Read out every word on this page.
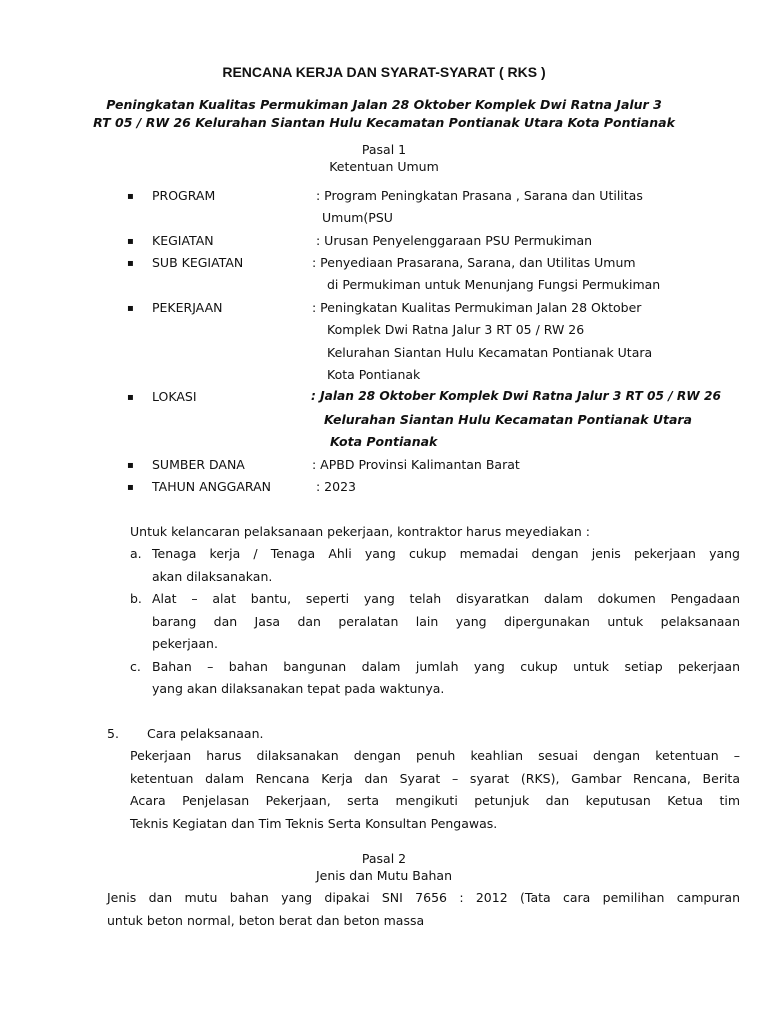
RENCANA KERJA DAN SYARAT-SYARAT ( RKS )
Peningkatan Kualitas Permukiman Jalan 28 Oktober Komplek Dwi Ratna Jalur 3
RT 05 / RW 26 Kelurahan Siantan Hulu Kecamatan Pontianak Utara Kota Pontianak
Pasal 1
Ketentuan Umum
▪ PROGRAM	: Program Peningkatan Prasana , Sarana dan Utilitas
Umum(PSU
▪ KEGIATAN	: Urusan Penyelenggaraan PSU Permukiman
▪ SUB KEGIATAN	: Penyediaan Prasarana, Sarana, dan Utilitas Umum
di Permukiman untuk Menunjang Fungsi Permukiman
▪ PEKERJAAN	: Peningkatan Kualitas Permukiman Jalan 28 Oktober
Komplek Dwi Ratna Jalur 3 RT 05 / RW 26
Kelurahan Siantan Hulu Kecamatan Pontianak Utara
Kota Pontianak
▪ LOKASI	: Jalan 28 Oktober Komplek Dwi Ratna Jalur 3 RT 05 / RW 26
Kelurahan Siantan Hulu Kecamatan Pontianak Utara
Kota Pontianak
▪ SUMBER DANA	: APBD Provinsi Kalimantan Barat
▪ TAHUN ANGGARAN	: 2023
Untuk kelancaran pelaksanaan pekerjaan, kontraktor harus meyediakan :
a. Tenaga kerja / Tenaga Ahli yang cukup memadai dengan jenis pekerjaan yang
akan dilaksanakan.
b. Alat – alat bantu, seperti yang telah disyaratkan dalam dokumen Pengadaan
barang dan Jasa dan peralatan lain yang dipergunakan untuk pelaksanaan
pekerjaan.
c. Bahan – bahan bangunan dalam jumlah yang cukup untuk setiap pekerjaan
yang akan dilaksanakan tepat pada waktunya.
5. Cara pelaksanaan.
Pekerjaan harus dilaksanakan dengan penuh keahlian sesuai dengan ketentuan –
ketentuan dalam Rencana Kerja dan Syarat – syarat (RKS), Gambar Rencana, Berita
Acara Penjelasan Pekerjaan, serta mengikuti petunjuk dan keputusan Ketua tim
Teknis Kegiatan dan Tim Teknis Serta Konsultan Pengawas.
Pasal 2
Jenis dan Mutu Bahan
Jenis dan mutu bahan yang dipakai SNI 7656 : 2012 (Tata cara pemilihan campuran
untuk beton normal, beton berat dan beton massa
